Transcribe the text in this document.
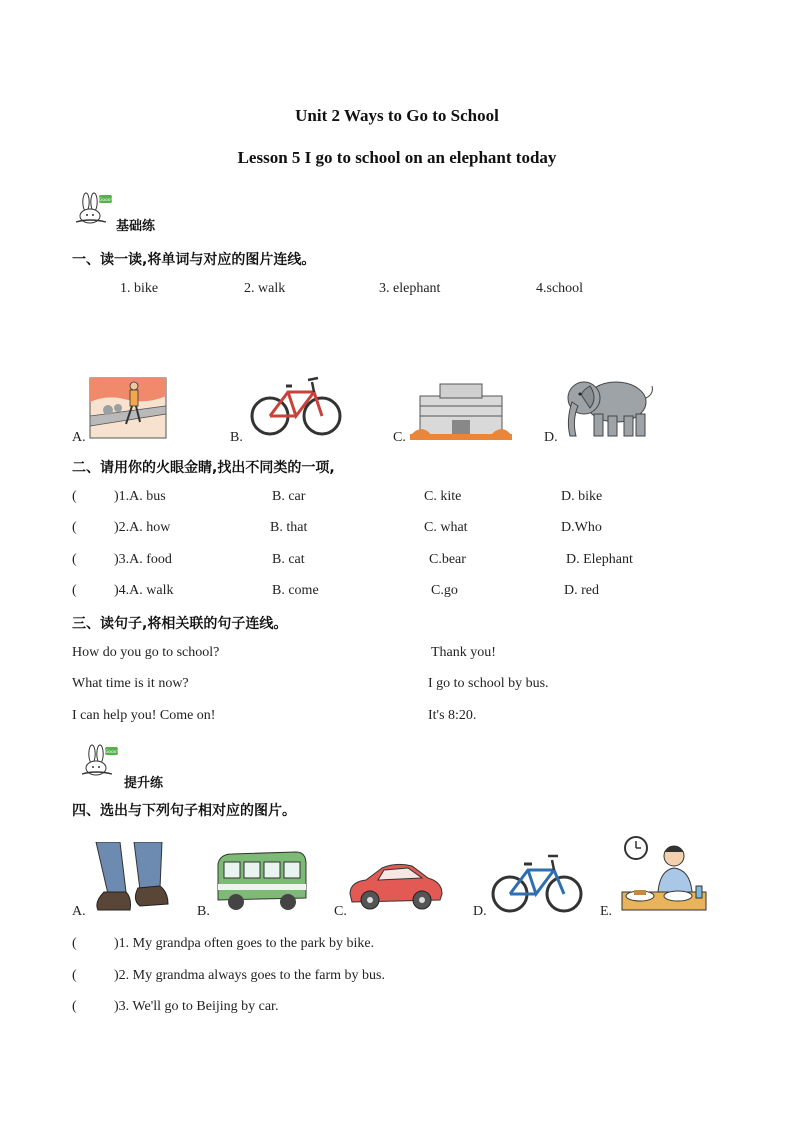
Unit 2 Ways to Go to School
Lesson 5 I go to school on an elephant today
Gooo!
基础练
一、读一读,将单词与对应的图片连线。
1. bike	2. walk	3. elephant	4.school
A.	B.	C.	D.
二、请用你的火眼金睛,找出不同类的一项,
(	)1.A. bus	B. car	C. kite	D. bike
(	)2.A. how	B. that	C. what	D.Who
(	)3.A. food	B. cat	C.bear	D. Elephant
(	)4.A. walk	B. come	C.go	D. red
三、读句子,将相关联的句子连线。
How do you go to school?	Thank you!
What time is it now?	I go to school by bus.
I can help you! Come on!	It's 8:20.
Gooo!
提升练
四、选出与下列句子相对应的图片。
A.	B.	C.	D.	E.
(	)1. My grandpa often goes to the park by bike.
(	)2. My grandma always goes to the farm by bus.
(	)3. We'll go to Beijing by car.
